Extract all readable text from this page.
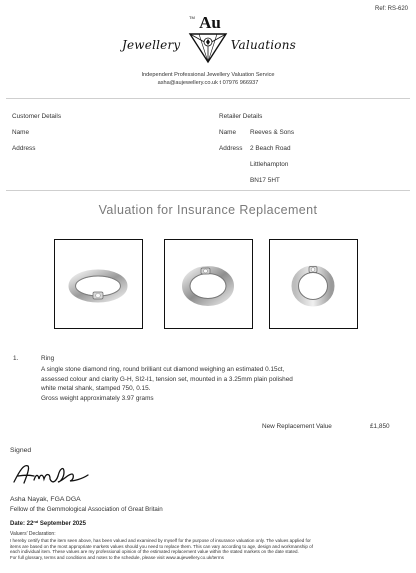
Ref: RS-620
Jewellery
TM Au
Valuations
Independent Professional Jewellery Valuation Service
asha@aujewellery.co.uk t 07976 966937
Customer Details
Name
Address
Retailer Details
Name Reeves & Sons
Address 2 Beach Road
Littlehampton
BN17 5HT
Valuation for Insurance Replacement
1.	Ring
A single stone diamond ring, round brilliant cut diamond weighing an estimated 0.15ct,
assessed colour and clarity G-H, SI2-I1, tension set, mounted in a 3.25mm plain polished
white metal shank, stamped 750, 0.15.
Gross weight approximately 3.97 grams
New Replacement Value	£1,850
Signed
Asha Nayak, FGA DGA
Fellow of the Gemmological Association of Great Britain
Date: 22nd September 2025
Valuers' Declaration:
I hereby certify that the item seen above, has been valued and examined by myself for the purpose of insurance valuation only. The values applied for
items are based on the most appropriate markets values should you need to replace them. This can vary according to age, design and workmanship of
each individual item. These values are my professional opinion of the estimated replacement value within the stated markets on the date stated.
For full glossary, terms and conditions and notes to the schedule, please visit www.aujewellery.co.uk/terms
